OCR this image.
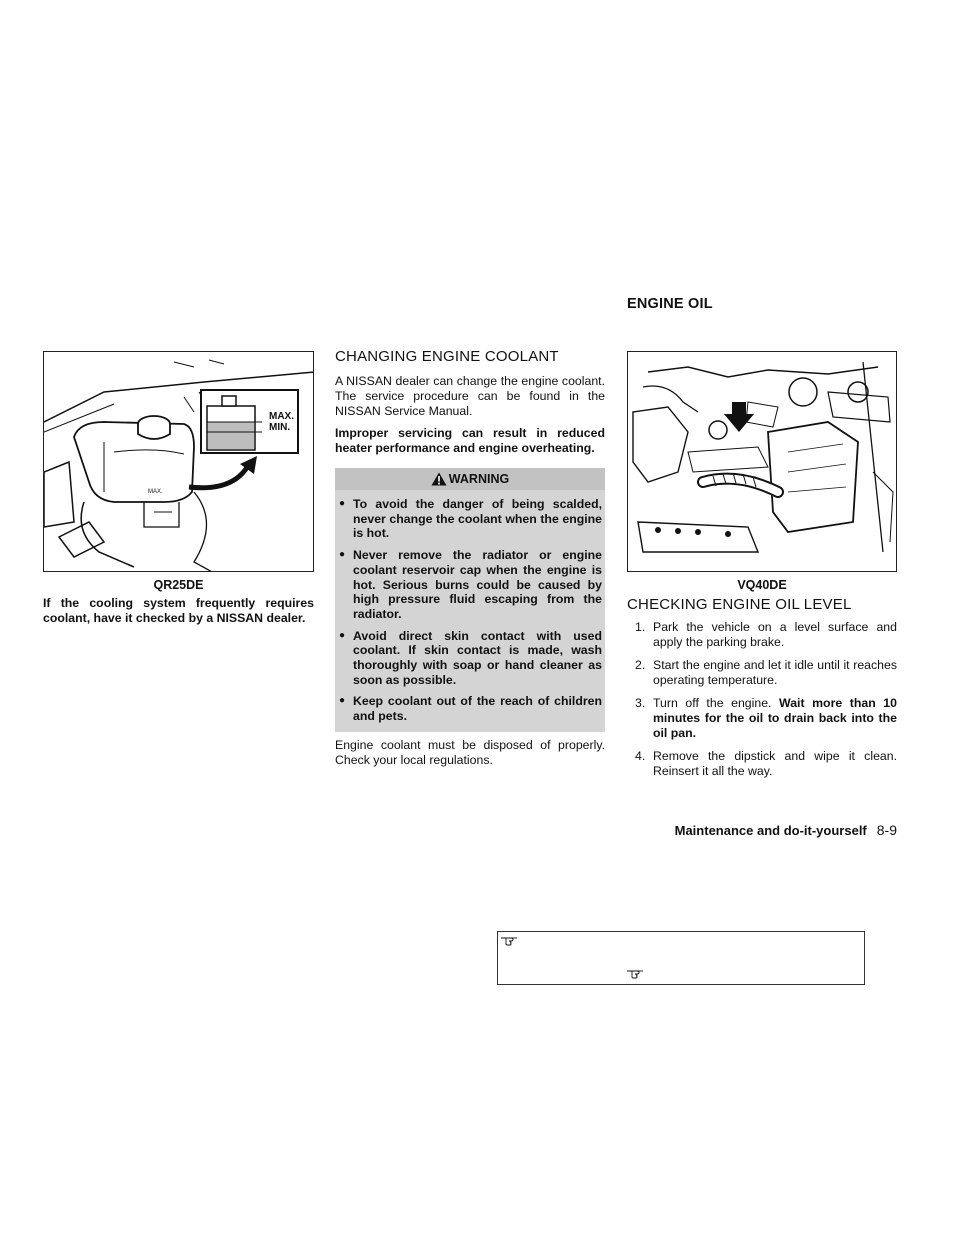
MAX.
MIN.
MAX.
QR25DE
If the cooling system frequently requires coolant, have it checked by a NISSAN dealer.
CHANGING ENGINE COOLANT
A NISSAN dealer can change the engine coolant. The service procedure can be found in the NISSAN Service Manual.
Improper servicing can result in reduced heater performance and engine overheating.
WARNING
● To avoid the danger of being scalded, never change the coolant when the engine is hot.
● Never remove the radiator or engine coolant reservoir cap when the engine is hot. Serious burns could be caused by high pressure fluid escaping from the radiator.
● Avoid direct skin contact with used coolant. If skin contact is made, wash thoroughly with soap or hand cleaner as soon as possible.
● Keep coolant out of the reach of children and pets.
Engine coolant must be disposed of properly. Check your local regulations.
ENGINE OIL
VQ40DE
CHECKING ENGINE OIL LEVEL
1. Park the vehicle on a level surface and apply the parking brake.
2. Start the engine and let it idle until it reaches operating temperature.
3. Turn off the engine. Wait more than 10 minutes for the oil to drain back into the oil pan.
4. Remove the dipstick and wipe it clean. Reinsert it all the way.
Maintenance and do-it-yourself 8-9
